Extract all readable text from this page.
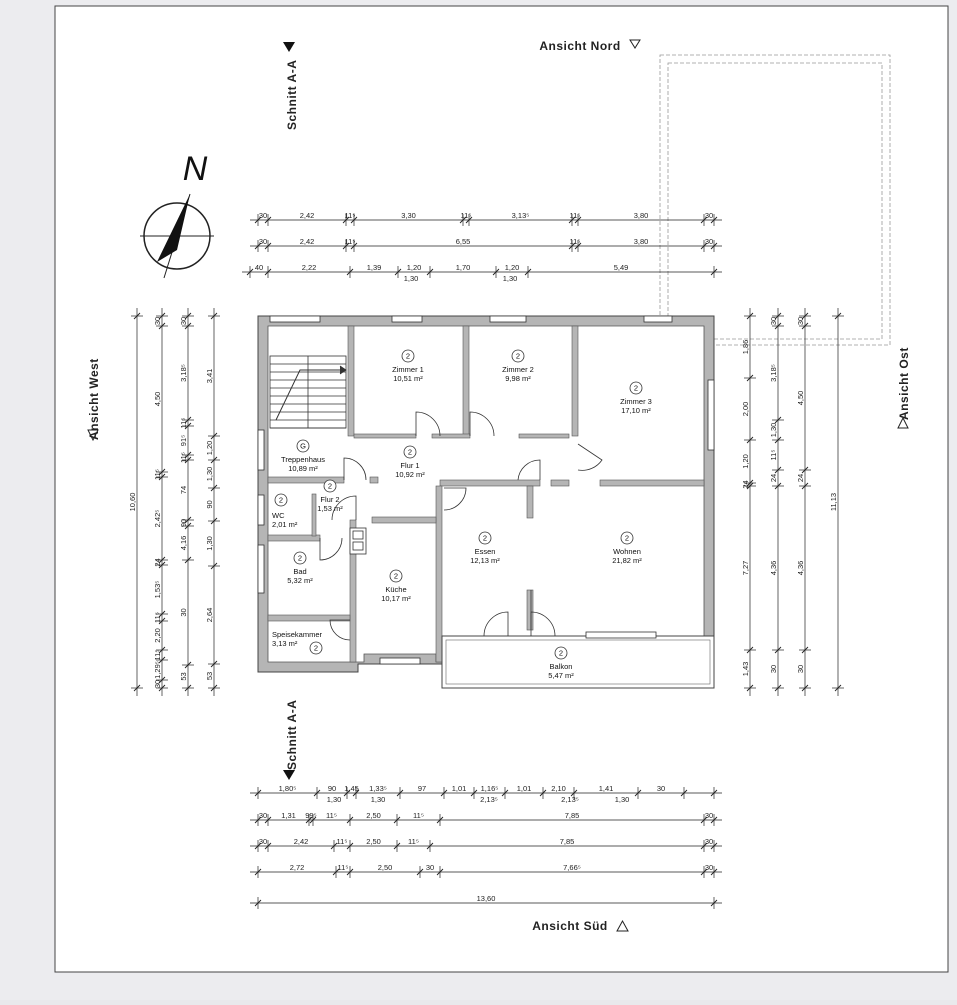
Ansicht Nord
Ansicht Süd
Ansicht West	Ansicht Ost
Schnitt A-A
Schnitt A-A
N
2
Zimmer 1
10,51 m²
2
Zimmer 2
9,98 m²
2
Zimmer 3
17,10 m²
G
Treppenhaus
10,89 m²
2
Flur 1
10,92 m²
2
WC
2,01 m²
2
Flur 2
1,53 m²
2
Bad
5,32 m²	2
Küche
10,17 m²
2
Essen
12,13 m²
2
Wohnen
21,82 m²
2
Speisekammer
3,13 m²
2
Balkon
5,47 m²
30	2,42	11⁵	3,30	11⁵	3,13⁵	11⁵	3,80	30
30	2,42	11⁵	6,55	11⁵	3,80	30
40	2,22	1,39	1,20	1,70	1,20	5,49
1,30	1,30
1,80⁵	90 1,45 1,33⁵	97	1,01 1,16⁵ 1,01	2,10	1,41	30
1,30	1,30	2,13⁵	2,13⁵	1,30
30 1,31 99⁵ 11⁵	2,50	11⁵	7,85	30
30	2,42	11⁵ 2,50	11⁵	7,85	30
2,72	11⁵	2,50	30	7,66⁵	30
13,60
10,60
30
4,50
11⁵
2,42⁵
24
1,53⁵
11⁵
2,20
11⁵
1,29⁵
30
30
3,18⁵
11⁵
91⁵
11⁵
74
90
4,16
30
53
3,41
1,20
1,30
90
1,30
2,64
53
11,13
1,86
2,00
1,20
24
7,27
1,43
30
3,18⁵
1,30
11⁵
24
4,36
30
30
4,50
24
4,36
30
